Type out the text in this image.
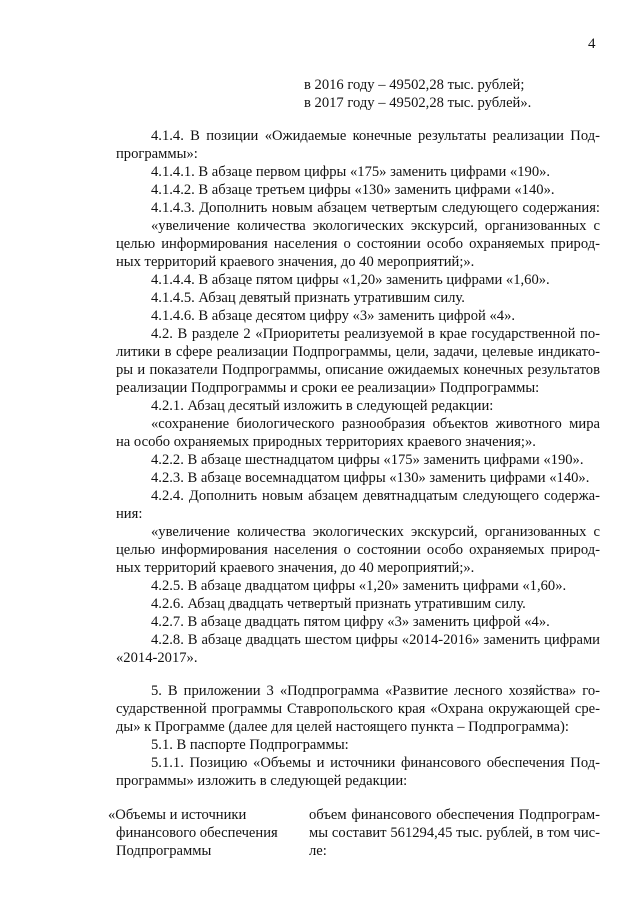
4
в 2016 году – 49502,28 тыс. рублей;
в 2017 году – 49502,28 тыс. рублей».
4.1.4. В позиции «Ожидаемые конечные результаты реализации Под-
программы»:
4.1.4.1. В абзаце первом цифры «175» заменить цифрами «190».
4.1.4.2. В абзаце третьем цифры «130» заменить цифрами «140».
4.1.4.3. Дополнить новым абзацем четвертым следующего содержания:
«увеличение количества экологических экскурсий, организованных с
целью информирования населения о состоянии особо охраняемых природ-
ных территорий краевого значения, до 40 мероприятий;».
4.1.4.4. В абзаце пятом цифры «1,20» заменить цифрами «1,60».
4.1.4.5. Абзац девятый признать утратившим силу.
4.1.4.6. В абзаце десятом цифру «3» заменить цифрой «4».
4.2. В разделе 2 «Приоритеты реализуемой в крае государственной по-
литики в сфере реализации Подпрограммы, цели, задачи, целевые индикато-
ры и показатели Подпрограммы, описание ожидаемых конечных результатов
реализации Подпрограммы и сроки ее реализации» Подпрограммы:
4.2.1. Абзац десятый изложить в следующей редакции:
«сохранение биологического разнообразия объектов животного мира
на особо охраняемых природных территориях краевого значения;».
4.2.2. В абзаце шестнадцатом цифры «175» заменить цифрами «190».
4.2.3. В абзаце восемнадцатом цифры «130» заменить цифрами «140».
4.2.4. Дополнить новым абзацем девятнадцатым следующего содержа-
ния:
«увеличение количества экологических экскурсий, организованных с
целью информирования населения о состоянии особо охраняемых природ-
ных территорий краевого значения, до 40 мероприятий;».
4.2.5. В абзаце двадцатом цифры «1,20» заменить цифрами «1,60».
4.2.6. Абзац двадцать четвертый признать утратившим силу.
4.2.7. В абзаце двадцать пятом цифру «3» заменить цифрой «4».
4.2.8. В абзаце двадцать шестом цифры «2014-2016» заменить цифрами
«2014-2017».
5. В приложении 3 «Подпрограмма «Развитие лесного хозяйства» го-
сударственной программы Ставропольского края «Охрана окружающей сре-
ды» к Программе (далее для целей настоящего пункта – Подпрограмма):
5.1. В паспорте Подпрограммы:
5.1.1. Позицию «Объемы и источники финансового обеспечения Под-
программы» изложить в следующей редакции:
«Объемы и источники
финансового обеспечения
Подпрограммы
объем финансового обеспечения Подпрограм-
мы составит 561294,45 тыс. рублей, в том чис-
ле:
